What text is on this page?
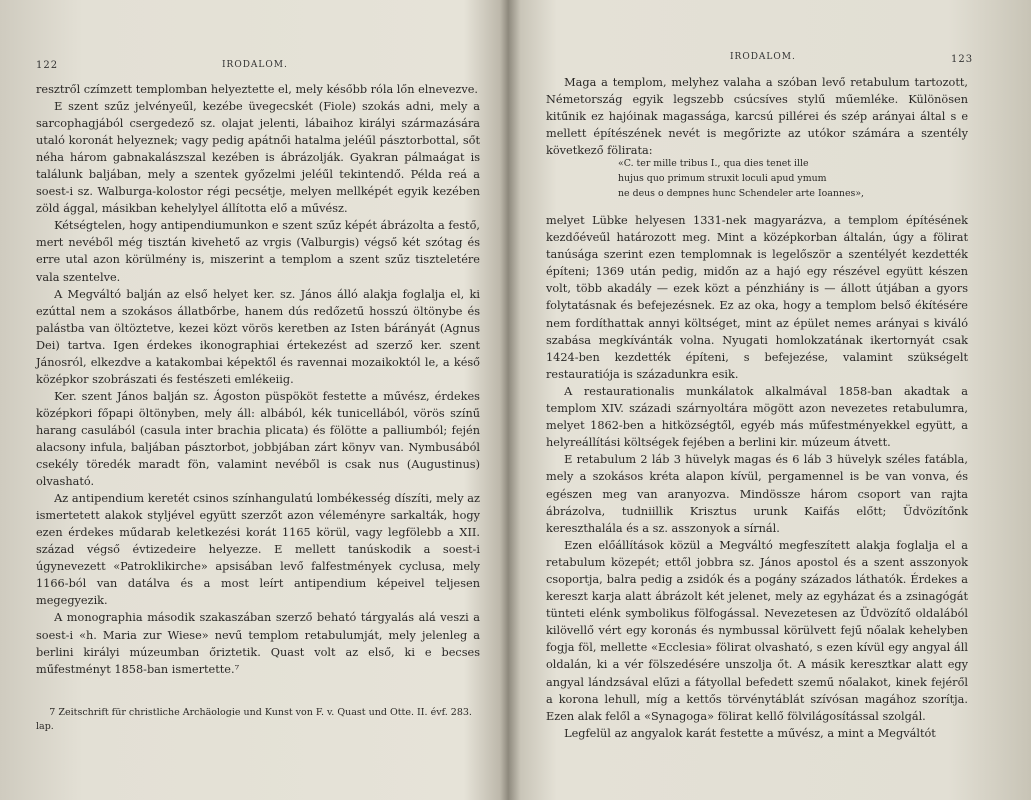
122	IRODALOM.

resztről czímzett templomban helyeztette el, mely később róla lőn elnevezve.

E szent szűz jelvényeűl, kezébe üvegecskét (Fiole) szokás adni, mely a sarcophagjából csergedező sz. olajat jelenti, lábaihoz királyi származására utaló koronát helyeznek; vagy pedig apátnői hatalma jeléűl pásztorbottal, sőt néha három gabnakalászszal kezében is ábrázolják. Gyakran pálmaágat is találunk baljában, mely a szentek győzelmi jeléűl tekintendő. Példa reá a soest-i sz. Walburga-kolostor régi pecsétje, melyen mellképét egyik kezében zöld ággal, másikban kehelylyel állította elő a művész.

Kétségtelen, hogy antipendiumunkon e szent szűz képét ábrázolta a festő, mert nevéből még tisztán kivehető az vrgis (Valburgis) végső két szótag és erre utal azon körülmény is, miszerint a templom a szent szűz tiszteletére vala szentelve.

A Megváltó balján az első helyet ker. sz. János álló alakja foglalja el, ki ezúttal nem a szokásos állatbőrbe, hanem dús redőzetű hosszú öltönybe és palástba van öltöztetve, kezei közt vörös keretben az Isten bárányát (Agnus Dei) tartva. Igen érdekes ikonographiai értekezést ad szerző ker. szent Jánosról, elkezdve a katakombai képektől és ravennai mozaikoktól le, a késő középkor szobrászati és festészeti emlékeiig.

Ker. szent János balján sz. Ágoston püspököt festette a művész, érdekes középkori főpapi öltönyben, mely áll: albából, kék tunicellából, vörös színű harang casulából (casula inter brachia plicata) és fölötte a palliumból; fején alacsony infula, baljában pásztorbot, jobbjában zárt könyv van. Nymbusából csekély töredék maradt fön, valamint nevéből is csak nus (Augustinus) olvasható.

Az antipendium keretét csinos színhangulatú lombékesség díszíti, mely az ismertetett alakok styljével együtt szerzőt azon véleményre sarkalták, hogy ezen érdekes műdarab keletkezési korát 1165 körül, vagy legfölebb a XII. század végső évtizedeire helyezze. E mellett tanúskodik a soest-i úgynevezett «Patroklikirche» apsisában levő falfestmények cyclusa, mely 1166-ból van datálva és a most leírt antipendium képeivel teljesen megegyezik.

A monographia második szakaszában szerző beható tárgyalás alá veszi a soest-i «h. Maria zur Wiese» nevű templom retabulumját, mely jelenleg a berlini királyi múzeumban őriztetik. Quast volt az első, ki e becses műfestményt 1858-ban ismertette.⁷

7 Zeitschrift für christliche Archäologie und Kunst von F. v. Quast und Otte. II. évf. 283. lap.

IRODALOM.	123

Maga a templom, melyhez valaha a szóban levő retabulum tartozott, Németország egyik legszebb csúcsíves stylű műemléke. Különösen kitűnik ez hajóinak magassága, karcsú pillérei és szép arányai által s e mellett építészének nevét is megőrizte az utókor számára a szentély következő fölirata:

«C. ter mille tribus I., qua dies tenet ille
hujus quo primum struxit loculi apud ymum
ne deus o dempnes hunc Schendeler arte Ioannes»,

melyet Lübke helyesen 1331-nek magyarázva, a templom építésének kezdőéveűl határozott meg. Mint a középkorban általán, úgy a fölirat tanúsága szerint ezen templomnak is legelőször a szentélyét kezdették építeni; 1369 után pedig, midőn az a hajó egy részével együtt készen volt, több akadály — ezek közt a pénzhiány is — állott útjában a gyors folytatásnak és befejezésnek. Ez az oka, hogy a templom belső ékítésére nem fordíthattak annyi költséget, mint az épület nemes arányai s kiváló szabása megkívánták volna. Nyugati homlokzatának ikertornyát csak 1424-ben kezdették építeni, s befejezése, valamint szükségelt restauratiója is századunkra esik.

A restaurationalis munkálatok alkalmával 1858-ban akadtak a templom XIV. századi szárnyoltára mögött azon nevezetes retabulumra, melyet 1862-ben a hitközségtől, egyéb más műfestményekkel együtt, a helyreállítási költségek fejében a berlini kir. múzeum átvett.

E retabulum 2 láb 3 hüvelyk magas és 6 láb 3 hüvelyk széles fatábla, mely a szokásos kréta alapon kívül, pergamennel is be van vonva, és egészen meg van aranyozva. Mindössze három csoport van rajta ábrázolva, tudniillik Krisztus urunk Kaifás előtt; Üdvözítőnk kereszthalála és a sz. asszonyok a sírnál.

Ezen előállítások közül a Megváltó megfeszített alakja foglalja el a retabulum közepét; ettől jobbra sz. János apostol és a szent asszonyok csoportja, balra pedig a zsidók és a pogány százados láthatók. Érdekes a kereszt karja alatt ábrázolt két jelenet, mely az egyházat és a zsinagógát tünteti elénk symbolikus fölfogással. Nevezetesen az Üdvözítő oldalából kilövellő vért egy koronás és nymbussal körülvett fejű nőalak kehelyben fogja föl, mellette «Ecclesia» fölirat olvasható, s ezen kívül egy angyal áll oldalán, ki a vér fölszedésére unszolja őt. A másik keresztkar alatt egy angyal lándzsával elűzi a fátyollal befedett szemű nőalakot, kinek fejéről a korona lehull, míg a kettős törvénytáblát szívósan magához szorítja. Ezen alak felől a «Synagoga» fölirat kellő fölvilágosítással szolgál.

Legfelül az angyalok karát festette a művész, a mint a Megváltót
